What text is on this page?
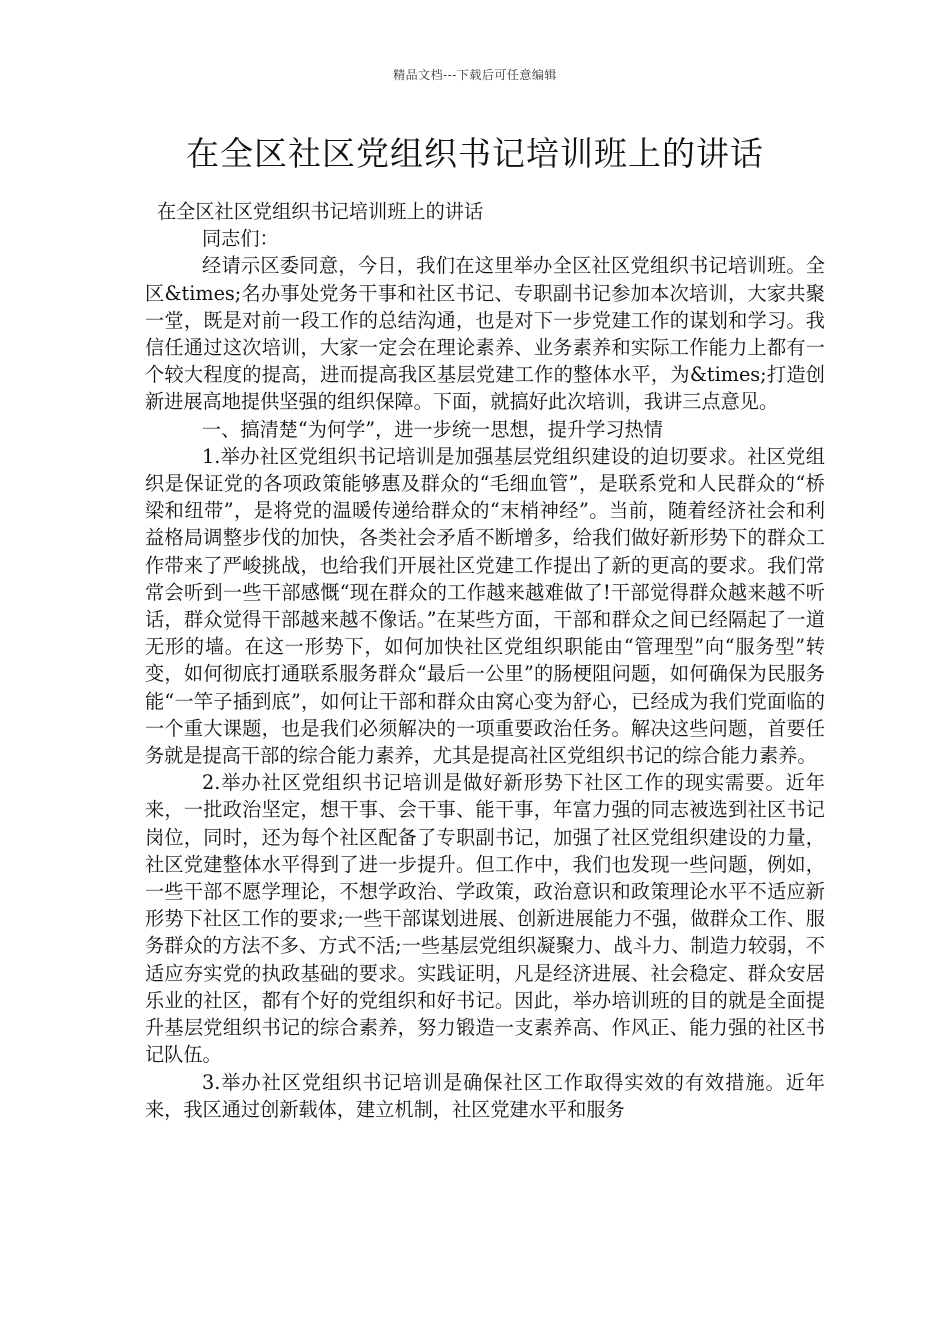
精品文档---下载后可任意编辑
在全区社区党组织书记培训班上的讲话

在全区社区党组织书记培训班上的讲话

同志们：

经请示区委同意，今日，我们在这里举办全区社区党组织书记培训班。全区&times;名办事处党务干事和社区书记、专职副书记参加本次培训，大家共聚一堂，既是对前一段工作的总结沟通，也是对下一步党建工作的谋划和学习。我信任通过这次培训，大家一定会在理论素养、业务素养和实际工作能力上都有一个较大程度的提高，进而提高我区基层党建工作的整体水平，为&times;打造创新进展高地提供坚强的组织保障。下面，就搞好此次培训，我讲三点意见。

一、搞清楚“为何学”，进一步统一思想，提升学习热情

1.举办社区党组织书记培训是加强基层党组织建设的迫切要求。社区党组织是保证党的各项政策能够惠及群众的“毛细血管”，是联系党和人民群众的“桥梁和纽带”，是将党的温暖传递给群众的“末梢神经”。当前，随着经济社会和利益格局调整步伐的加快，各类社会矛盾不断增多，给我们做好新形势下的群众工作带来了严峻挑战，也给我们开展社区党建工作提出了新的更高的要求。我们常常会听到一些干部感慨“现在群众的工作越来越难做了!干部觉得群众越来越不听话，群众觉得干部越来越不像话。”在某些方面，干部和群众之间已经隔起了一道无形的墙。在这一形势下，如何加快社区党组织职能由“管理型”向“服务型”转变，如何彻底打通联系服务群众“最后一公里”的肠梗阻问题，如何确保为民服务能“一竿子插到底”，如何让干部和群众由窝心变为舒心，已经成为我们党面临的一个重大课题，也是我们必须解决的一项重要政治任务。解决这些问题，首要任务就是提高干部的综合能力素养，尤其是提高社区党组织书记的综合能力素养。

2.举办社区党组织书记培训是做好新形势下社区工作的现实需要。近年来，一批政治坚定，想干事、会干事、能干事，年富力强的同志被选到社区书记岗位，同时，还为每个社区配备了专职副书记，加强了社区党组织建设的力量，社区党建整体水平得到了进一步提升。但工作中，我们也发现一些问题，例如，一些干部不愿学理论，不想学政治、学政策，政治意识和政策理论水平不适应新形势下社区工作的要求;一些干部谋划进展、创新进展能力不强，做群众工作、服务群众的方法不多、方式不活;一些基层党组织凝聚力、战斗力、制造力较弱，不适应夯实党的执政基础的要求。实践证明，凡是经济进展、社会稳定、群众安居乐业的社区，都有个好的党组织和好书记。因此，举办培训班的目的就是全面提升基层党组织书记的综合素养，努力锻造一支素养高、作风正、能力强的社区书记队伍。

3.举办社区党组织书记培训是确保社区工作取得实效的有效措施。近年来，我区通过创新载体，建立机制，社区党建水平和服务
